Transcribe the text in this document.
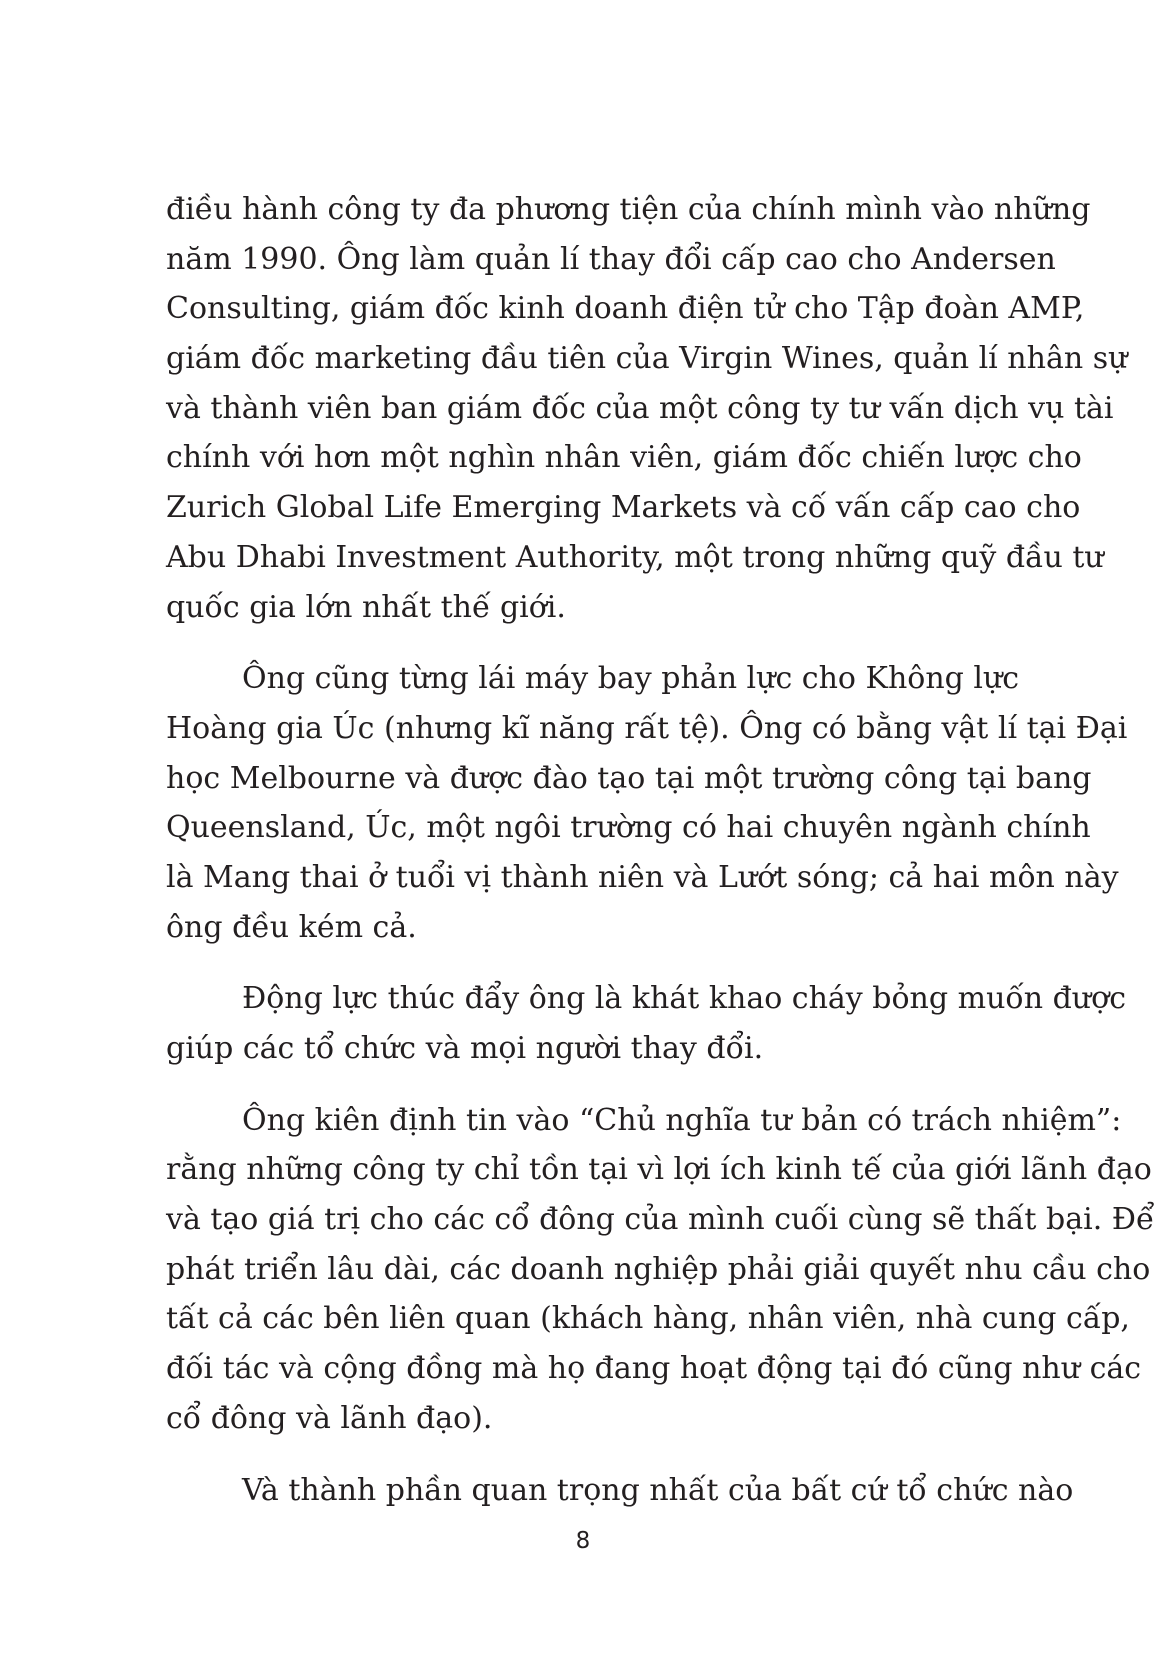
điều hành công ty đa phương tiện của chính mình vào những
năm 1990. Ông làm quản lí thay đổi cấp cao cho Andersen
Consulting, giám đốc kinh doanh điện tử cho Tập đoàn AMP,
giám đốc marketing đầu tiên của Virgin Wines, quản lí nhân sự
và thành viên ban giám đốc của một công ty tư vấn dịch vụ tài
chính với hơn một nghìn nhân viên, giám đốc chiến lược cho
Zurich Global Life Emerging Markets và cố vấn cấp cao cho
Abu Dhabi Investment Authority, một trong những quỹ đầu tư
quốc gia lớn nhất thế giới.

Ông cũng từng lái máy bay phản lực cho Không lực
Hoàng gia Úc (nhưng kĩ năng rất tệ). Ông có bằng vật lí tại Đại
học Melbourne và được đào tạo tại một trường công tại bang
Queensland, Úc, một ngôi trường có hai chuyên ngành chính
là Mang thai ở tuổi vị thành niên và Lướt sóng; cả hai môn này
ông đều kém cả.

Động lực thúc đẩy ông là khát khao cháy bỏng muốn được
giúp các tổ chức và mọi người thay đổi.

Ông kiên định tin vào “Chủ nghĩa tư bản có trách nhiệm”:
rằng những công ty chỉ tồn tại vì lợi ích kinh tế của giới lãnh đạo
và tạo giá trị cho các cổ đông của mình cuối cùng sẽ thất bại. Để
phát triển lâu dài, các doanh nghiệp phải giải quyết nhu cầu cho
tất cả các bên liên quan (khách hàng, nhân viên, nhà cung cấp,
đối tác và cộng đồng mà họ đang hoạt động tại đó cũng như các
cổ đông và lãnh đạo).

Và thành phần quan trọng nhất của bất cứ tổ chức nào

8
